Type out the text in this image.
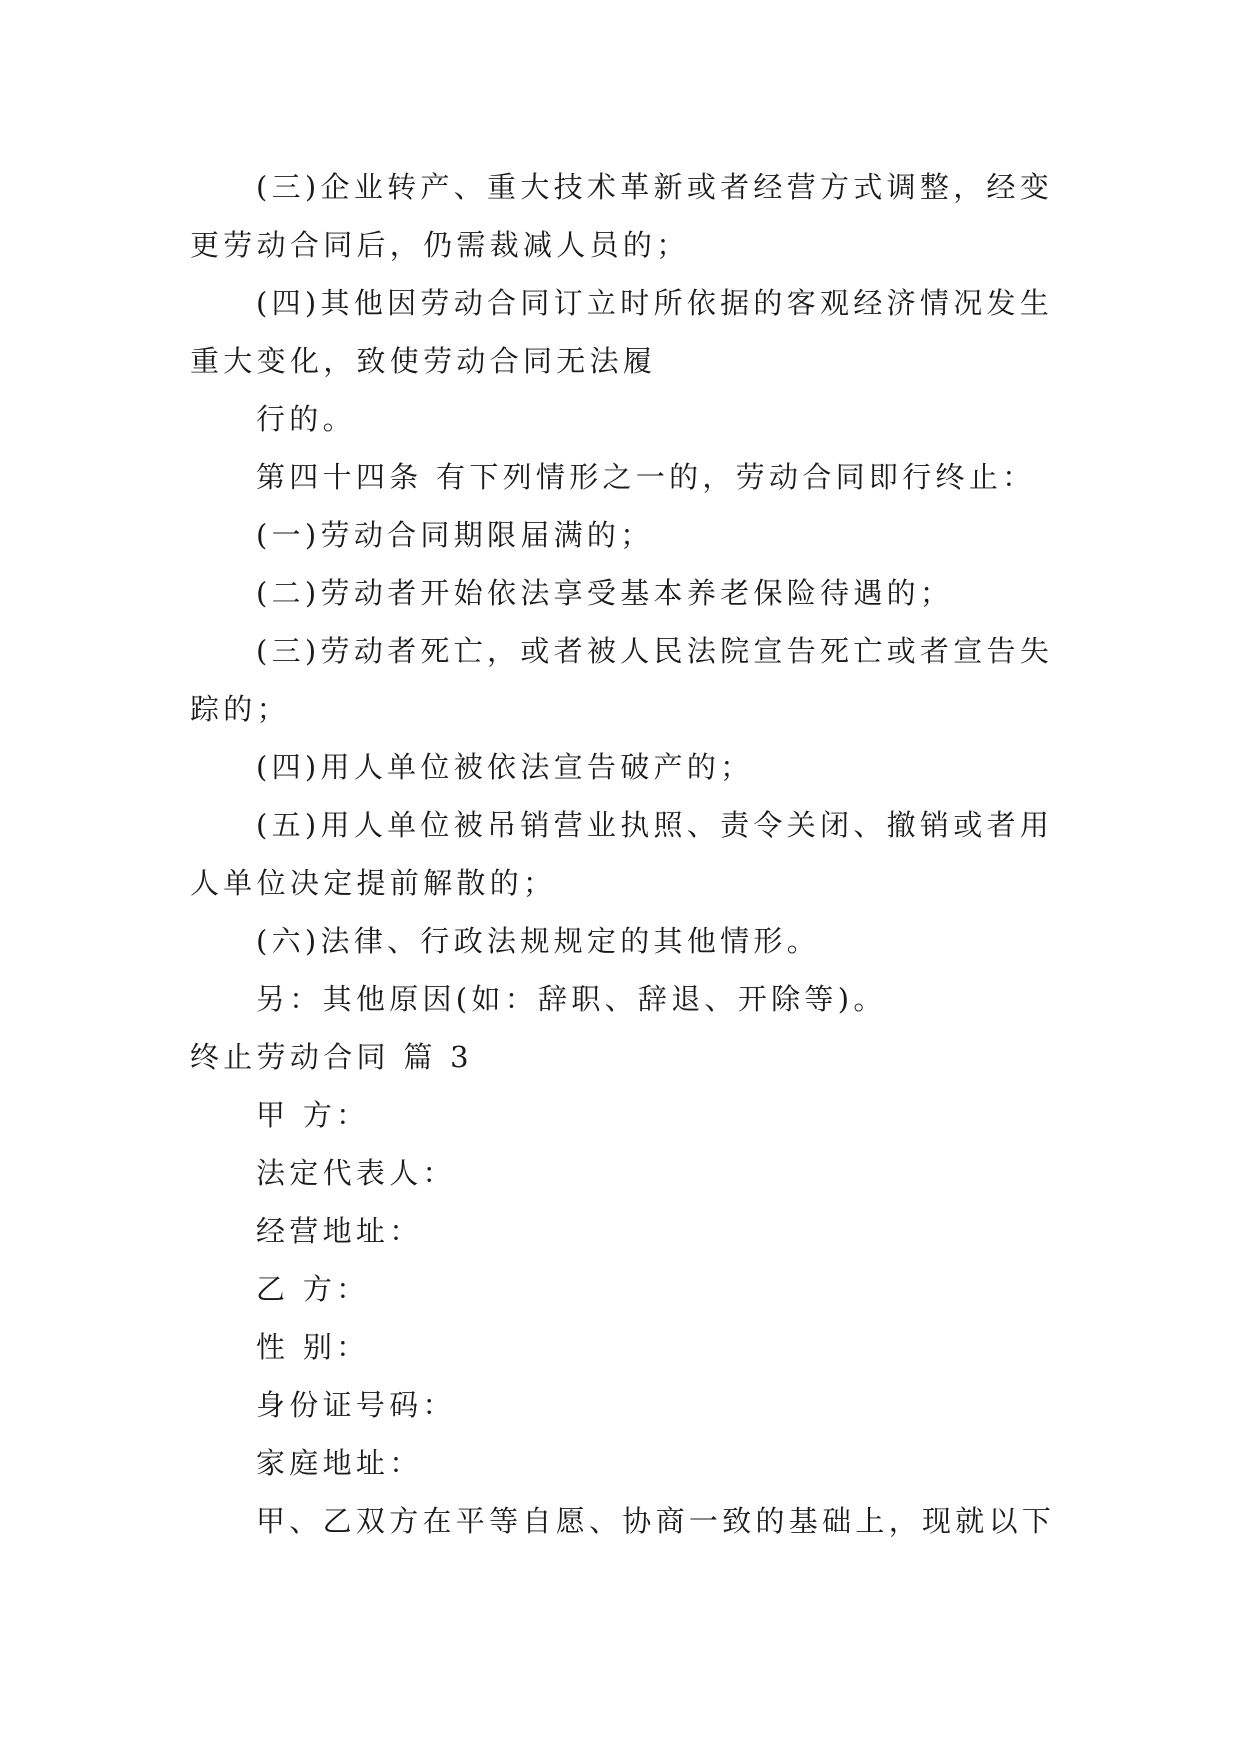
(三)企业转产、重大技术革新或者经营方式调整，经变
更劳动合同后，仍需裁减人员的；
(四)其他因劳动合同订立时所依据的客观经济情况发生
重大变化，致使劳动合同无法履
行的。
第四十四条 有下列情形之一的，劳动合同即行终止：
(一)劳动合同期限届满的；
(二)劳动者开始依法享受基本养老保险待遇的；
(三)劳动者死亡，或者被人民法院宣告死亡或者宣告失
踪的；
(四)用人单位被依法宣告破产的；
(五)用人单位被吊销营业执照、责令关闭、撤销或者用
人单位决定提前解散的；
(六)法律、行政法规规定的其他情形。
另：其他原因(如：辞职、辞退、开除等)。
终止劳动合同 篇 3
甲 方：
法定代表人：
经营地址：
乙 方：
性 别：
身份证号码：
家庭地址：
甲、乙双方在平等自愿、协商一致的基础上，现就以下
